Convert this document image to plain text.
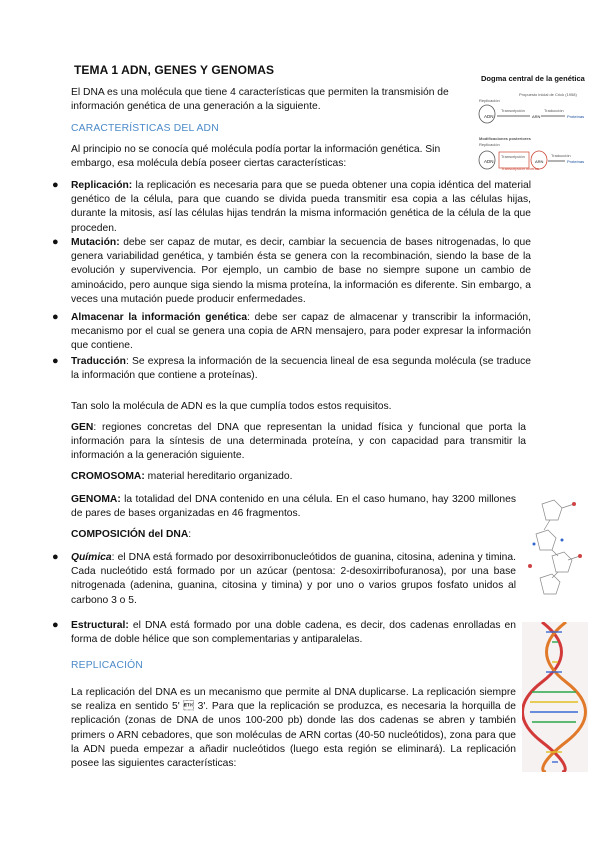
TEMA 1 ADN, GENES Y GENOMAS
El DNA es una molécula que tiene 4 características que permiten la transmisión de información genética de una generación a la siguiente.
CARACTERÍSTICAS DEL ADN
Al principio no se conocía qué molécula podía portar la información genética. Sin embargo, esa molécula debía poseer ciertas características:
● Replicación: la replicación es necesaria para que se pueda obtener una copia idéntica del material genético de la célula, para que cuando se divida pueda transmitir esa copia a las células hijas, durante la mitosis, así las células hijas tendrán la misma información genética de la célula de la que proceden.
● Mutación: debe ser capaz de mutar, es decir, cambiar la secuencia de bases nitrogenadas, lo que genera variabilidad genética, y también ésta se genera con la recombinación, siendo la base de la evolución y supervivencia. Por ejemplo, un cambio de base no siempre supone un cambio de aminoácido, pero aunque siga siendo la misma proteína, la información es diferente. Sin embargo, a veces una mutación puede producir enfermedades.
● Almacenar la información genética: debe ser capaz de almacenar y transcribir la información, mecanismo por el cual se genera una copia de ARN mensajero, para poder expresar la información que contiene.
● Traducción: Se expresa la información de la secuencia lineal de esa segunda molécula (se traduce la información que contiene a proteínas).
Tan solo la molécula de ADN es la que cumplía todos estos requisitos.
GEN: regiones concretas del DNA que representan la unidad física y funcional que porta la información para la síntesis de una determinada proteína, y con capacidad para transmitir la información a la generación siguiente.
CROMOSOMA: material hereditario organizado.
GENOMA: la totalidad del DNA contenido en una célula. En el caso humano, hay 3200 millones de pares de bases organizadas en 46 fragmentos.
COMPOSICIÓN del DNA:
● Química: el DNA está formado por desoxirribonucleótidos de guanina, citosina, adenina y timina. Cada nucleótido está formado por un azúcar (pentosa: 2-desoxirribofuranosa), por una base nitrogenada (adenina, guanina, citosina y timina) y por uno o varios grupos fosfato unidos al carbono 3 o 5.
● Estructural: el DNA está formado por una doble cadena, es decir, dos cadenas enrolladas en forma de doble hélice que son complementarias y antiparalelas.
REPLICACIÓN
La replicación del DNA es un mecanismo que permite al DNA duplicarse. La replicación siempre se realiza en sentido 5'  3'. Para que la replicación se produzca, es necesaria la horquilla de replicación (zonas de DNA de unos 100-200 pb) donde las dos cadenas se abren y también primers o ARN cebadores, que son moléculas de ARN cortas (40-50 nucleótidos), zona para que la ADN pueda empezar a añadir nucleótidos (luego esta región se eliminará). La replicación posee las siguientes características:
Dogma central de la genética
Propuesto inicial de Crick (1958)
Replicación
ADN
Transcripción
ARN
Traducción
Proteínas
Modificaciones posteriores
Replicación
ADN
Transcripción
Transcripción inversa
ARN
Traducción
Proteínas
